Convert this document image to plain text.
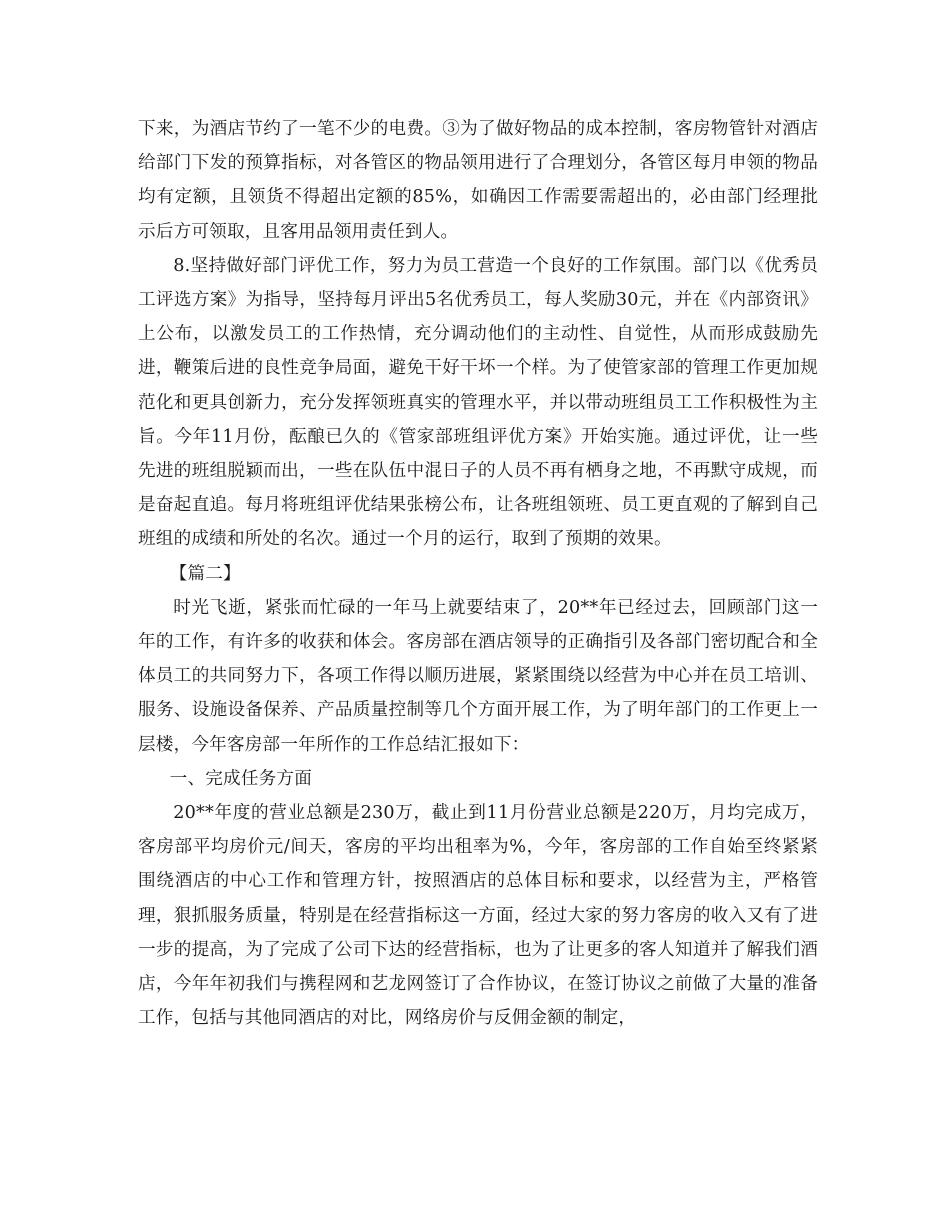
下来，为酒店节约了一笔不少的电费。③为了做好物品的成本控制，客房物管针对酒店给部门下发的预算指标，对各管区的物品领用进行了合理划分，各管区每月申领的物品均有定额，且领货不得超出定额的85%，如确因工作需要需超出的，必由部门经理批示后方可领取，且客用品领用责任到人。

8.坚持做好部门评优工作，努力为员工营造一个良好的工作氛围。部门以《优秀员工评选方案》为指导，坚持每月评出5名优秀员工，每人奖励30元，并在《内部资讯》上公布，以激发员工的工作热情，充分调动他们的主动性、自觉性，从而形成鼓励先进，鞭策后进的良性竞争局面，避免干好干坏一个样。为了使管家部的管理工作更加规范化和更具创新力，充分发挥领班真实的管理水平，并以带动班组员工工作积极性为主旨。今年11月份，酝酿已久的《管家部班组评优方案》开始实施。通过评优，让一些先进的班组脱颖而出，一些在队伍中混日子的人员不再有栖身之地，不再默守成规，而是奋起直追。每月将班组评优结果张榜公布，让各班组领班、员工更直观的了解到自己班组的成绩和所处的名次。通过一个月的运行，取到了预期的效果。

【篇二】

时光飞逝，紧张而忙碌的一年马上就要结束了，20**年已经过去，回顾部门这一年的工作，有许多的收获和体会。客房部在酒店领导的正确指引及各部门密切配合和全体员工的共同努力下，各项工作得以顺历进展，紧紧围绕以经营为中心并在员工培训、服务、设施设备保养、产品质量控制等几个方面开展工作，为了明年部门的工作更上一层楼，今年客房部一年所作的工作总结汇报如下：

一、完成任务方面

20**年度的营业总额是230万，截止到11月份营业总额是220万，月均完成万，客房部平均房价元/间天，客房的平均出租率为%，今年，客房部的工作自始至终紧紧围绕酒店的中心工作和管理方针，按照酒店的总体目标和要求，以经营为主，严格管理，狠抓服务质量，特别是在经营指标这一方面，经过大家的努力客房的收入又有了进一步的提高，为了完成了公司下达的经营指标，也为了让更多的客人知道并了解我们酒店，今年年初我们与携程网和艺龙网签订了合作协议，在签订协议之前做了大量的准备工作，包括与其他同酒店的对比，网络房价与反佣金额的制定，
